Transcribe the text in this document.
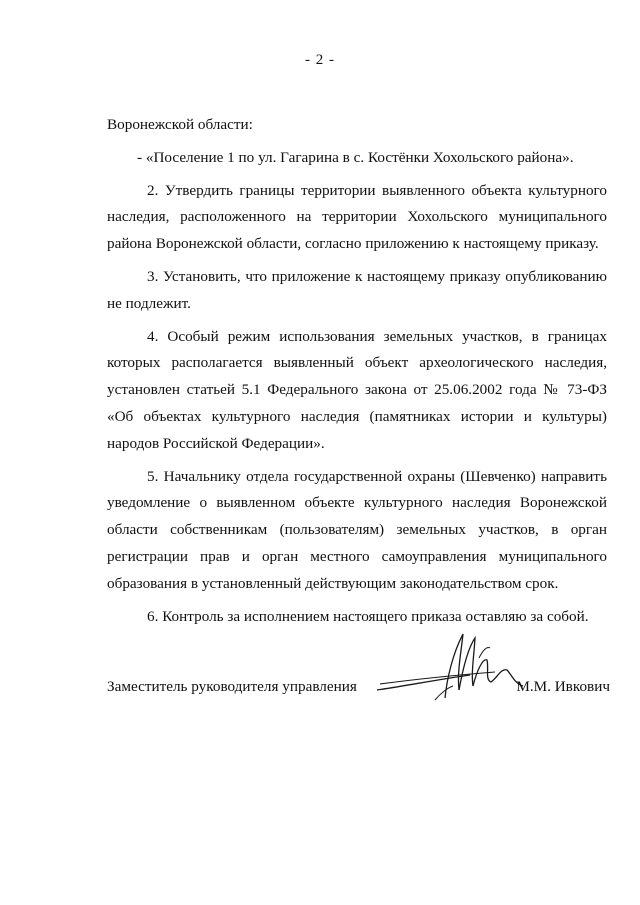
- 2 -

Воронежской области:

- «Поселение 1 по ул. Гагарина в с. Костёнки Хохольского района».

2. Утвердить границы территории выявленного объекта культурного наследия, расположенного на территории Хохольского муниципального района Воронежской области, согласно приложению к настоящему приказу.

3. Установить, что приложение к настоящему приказу опубликованию не подлежит.

4. Особый режим использования земельных участков, в границах которых располагается выявленный объект археологического наследия, установлен статьей 5.1 Федерального закона от 25.06.2002 года № 73-ФЗ «Об объектах культурного наследия (памятниках истории и культуры) народов Российской Федерации».

5. Начальнику отдела государственной охраны (Шевченко) направить уведомление о выявленном объекте культурного наследия Воронежской области собственникам (пользователям) земельных участков, в орган регистрации прав и орган местного самоуправления муниципального образования в установленный действующим законодательством срок.

6. Контроль за исполнением настоящего приказа оставляю за собой.

Заместитель руководителя управления	М.М. Ивкович
